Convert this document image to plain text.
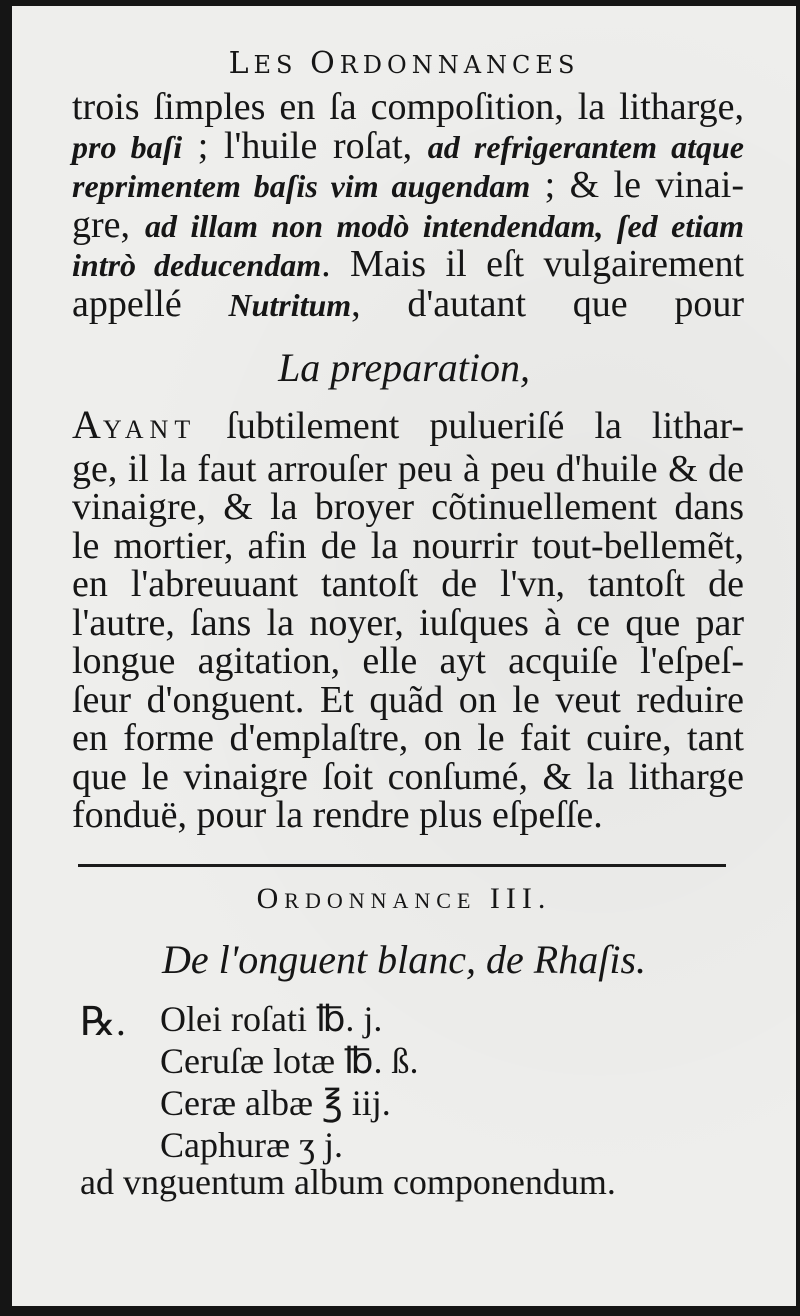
LES ORDONNANCES
trois ſimples en ſa compoſition, la litharge,
pro baſi ; l'huile roſat, ad refrigerantem atque
reprimentem baſis vim augendam ; & le vinai-
gre, ad illam non modò intendendam, ſed etiam
intrò deducendam. Mais il eſt vulgairement
appellé Nutritum, d'autant que pour
La preparation,
AYANT ſubtilement pulueriſé la lithar-
ge, il la faut arrouſer peu à peu d'huile & de
vinaigre, & la broyer cõtinuellement dans
le mortier, afin de la nourrir tout-bellemẽt,
en l'abreuuant tantoſt de l'vn, tantoſt de
l'autre, ſans la noyer, iuſques à ce que par
longue agitation, elle ayt acquiſe l'eſpeſ-
ſeur d'onguent. Et quãd on le veut reduire
en forme d'emplaſtre, on le fait cuire, tant
que le vinaigre ſoit conſumé, & la litharge
fonduë, pour la rendre plus eſpeſſe.
ORDONNANCE III.
De l'onguent blanc, de Rhaſis.
℞. Olei roſati ℔. j.
Ceruſæ lotæ ℔. ß.
Ceræ albæ ℥ iij.
Caphuræ ʒ j.
ad vnguentum album componendum.
